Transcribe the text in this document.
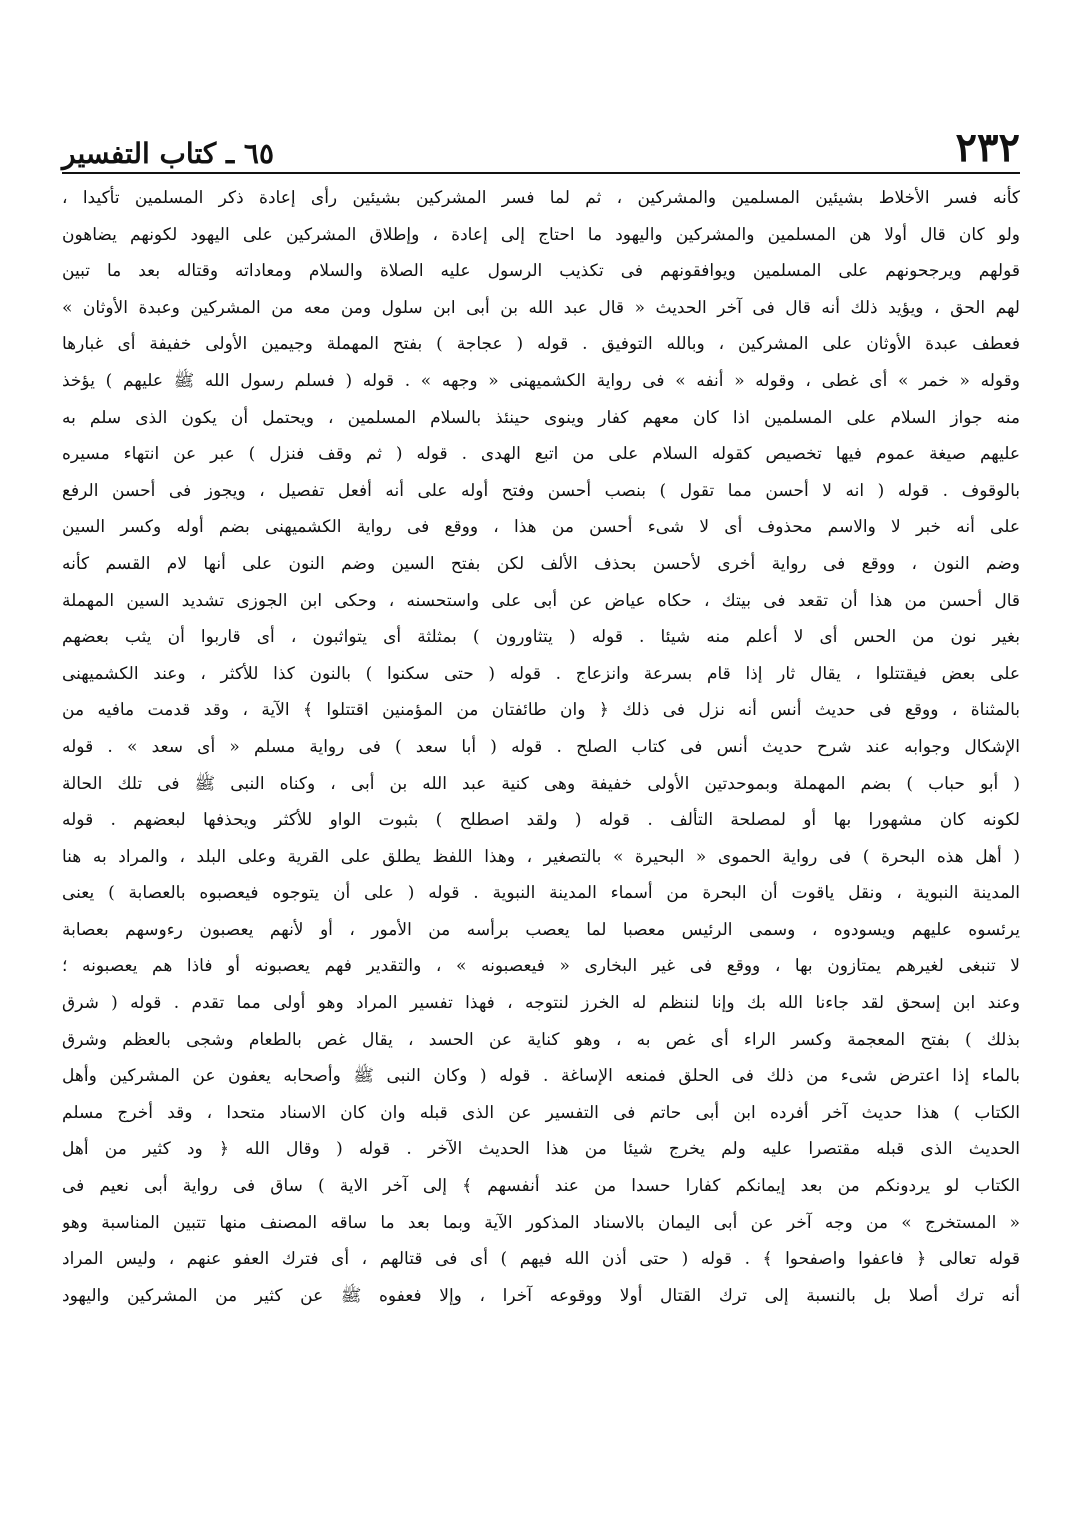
٢٣٢
٦٥ ـ كتاب التفسير
كأنه فسر الأخلاط بشيئين المسلمين والمشركين ، ثم لما فسر المشركين بشيئين رأى إعادة ذكر المسلمين تأكيدا ،
ولو كان قال أولا هن المسلمين والمشركين واليهود ما احتاج إلى إعادة ، وإطلاق المشركين على اليهود لكونهم يضاهون
قولهم ويرجحونهم على المسلمين ويوافقونهم فى تكذيب الرسول عليه الصلاة والسلام ومعاداته وقتاله بعد ما تبين
لهم الحق ، ويؤيد ذلك أنه قال فى آخر الحديث « قال عبد الله بن أبى ابن سلول ومن معه من المشركين وعبدة الأوثان »
فعطف عبدة الأوثان على المشركين ، وبالله التوفيق . قوله ( عجاجة ) بفتح المهملة وجيمين الأولى خفيفة أى غبارها
وقوله « خمر » أى غطى ، وقوله « أنفه » فى رواية الكشميهنى « وجهه » . قوله ( فسلم رسول الله ﷺ عليهم ) يؤخذ
منه جواز السلام على المسلمين اذا كان معهم كفار وينوى حينئذ بالسلام المسلمين ، ويحتمل أن يكون الذى سلم به
عليهم صيغة عموم فيها تخصيص كقوله السلام على من اتبع الهدى . قوله ( ثم وقف فنزل ) عبر عن انتهاء مسيره
بالوقوف . قوله ( انه لا أحسن مما تقول ) بنصب أحسن وفتح أوله على أنه أفعل تفصيل ، ويجوز فى أحسن الرفع
على أنه خبر لا والاسم محذوف أى لا شىء أحسن من هذا ، ووقع فى رواية الكشميهنى بضم أوله وكسر السين
وضم النون ، ووقع فى رواية أخرى لأحسن بحذف الألف لكن بفتح السين وضم النون على أنها لام القسم كأنه
قال أحسن من هذا أن تقعد فى بيتك ، حكاه عياض عن أبى على واستحسنه ، وحكى ابن الجوزى تشديد السين المهملة
بغير نون من الحس أى لا أعلم منه شيئا . قوله ( يتثاورون ) بمثلثة أى يتواثبون ، أى قاربوا أن يثب بعضهم
على بعض فيقتتلوا ، يقال ثار إذا قام بسرعة وانزعاج . قوله ( حتى سكنوا ) بالنون كذا للأكثر ، وعند الكشميهنى
بالمثناة ، ووقع فى حديث أنس أنه نزل فى ذلك ﴿ وان طائفتان من المؤمنين اقتتلوا ﴾ الآية ، وقد قدمت مافيه من
الإشكال وجوابه عند شرح حديث أنس فى كتاب الصلح . قوله ( أبا سعد ) فى رواية مسلم « أى سعد » . قوله
( أبو حباب ) بضم المهملة وبموحدتين الأولى خفيفة وهى كنية عبد الله بن أبى ، وكناه النبى ﷺ فى تلك الحالة
لكونه كان مشهورا بها أو لمصلحة التألف . قوله ( ولقد اصطلح ) بثبوت الواو للأكثر ويحذفها لبعضهم . قوله
( أهل هذه البحرة ) فى رواية الحموى « البحيرة » بالتصغير ، وهذا اللفظ يطلق على القرية وعلى البلد ، والمراد به هنا
المدينة النبوية ، ونقل ياقوت أن البحرة من أسماء المدينة النبوية . قوله ( على أن يتوجوه فيعصبوه بالعصابة ) يعنى
يرئسوه عليهم ويسودوه ، وسمى الرئيس معصبا لما يعصب برأسه من الأمور ، أو لأنهم يعصبون رءوسهم بعصابة
لا تنبغى لغيرهم يمتازون بها ، ووقع فى غير البخارى « فيعصبونه » ، والتقدير فهم يعصبونه أو فاذا هم يعصبونه ؛
وعند ابن إسحق لقد جاءنا الله بك وإنا لننظم له الخرز لنتوجه ، فهذا تفسير المراد وهو أولى مما تقدم . قوله ( شرق
بذلك ) بفتح المعجمة وكسر الراء أى غص به ، وهو كناية عن الحسد ، يقال غص بالطعام وشجى بالعظم وشرق
بالماء إذا اعترض شىء من ذلك فى الحلق فمنعه الإساغة . قوله ( وكان النبى ﷺ وأصحابه يعفون عن المشركين وأهل
الكتاب ) هذا حديث آخر أفرده ابن أبى حاتم فى التفسير عن الذى قبله وان كان الاسناد متحدا ، وقد أخرج مسلم
الحديث الذى قبله مقتصرا عليه ولم يخرج شيئا من هذا الحديث الآخر . قوله ( وقال الله ﴿ ود كثير من أهل
الكتاب لو يردونكم من بعد إيمانكم كفارا حسدا من عند أنفسهم ﴾ إلى آخر الاية ) ساق فى رواية أبى نعيم فى
« المستخرج » من وجه آخر عن أبى اليمان بالاسناد المذكور الآية وبما بعد ما ساقه المصنف منها تتبين المناسبة وهو
قوله تعالى ﴿ فاعفوا واصفحوا ﴾ . قوله ( حتى أذن الله فيهم ) أى فى قتالهم ، أى فترك العفو عنهم ، وليس المراد
أنه ترك أصلا بل بالنسبة إلى ترك القتال أولا ووقوعه آخرا ، وإلا فعفوه ﷺ عن كثير من المشركين واليهود
